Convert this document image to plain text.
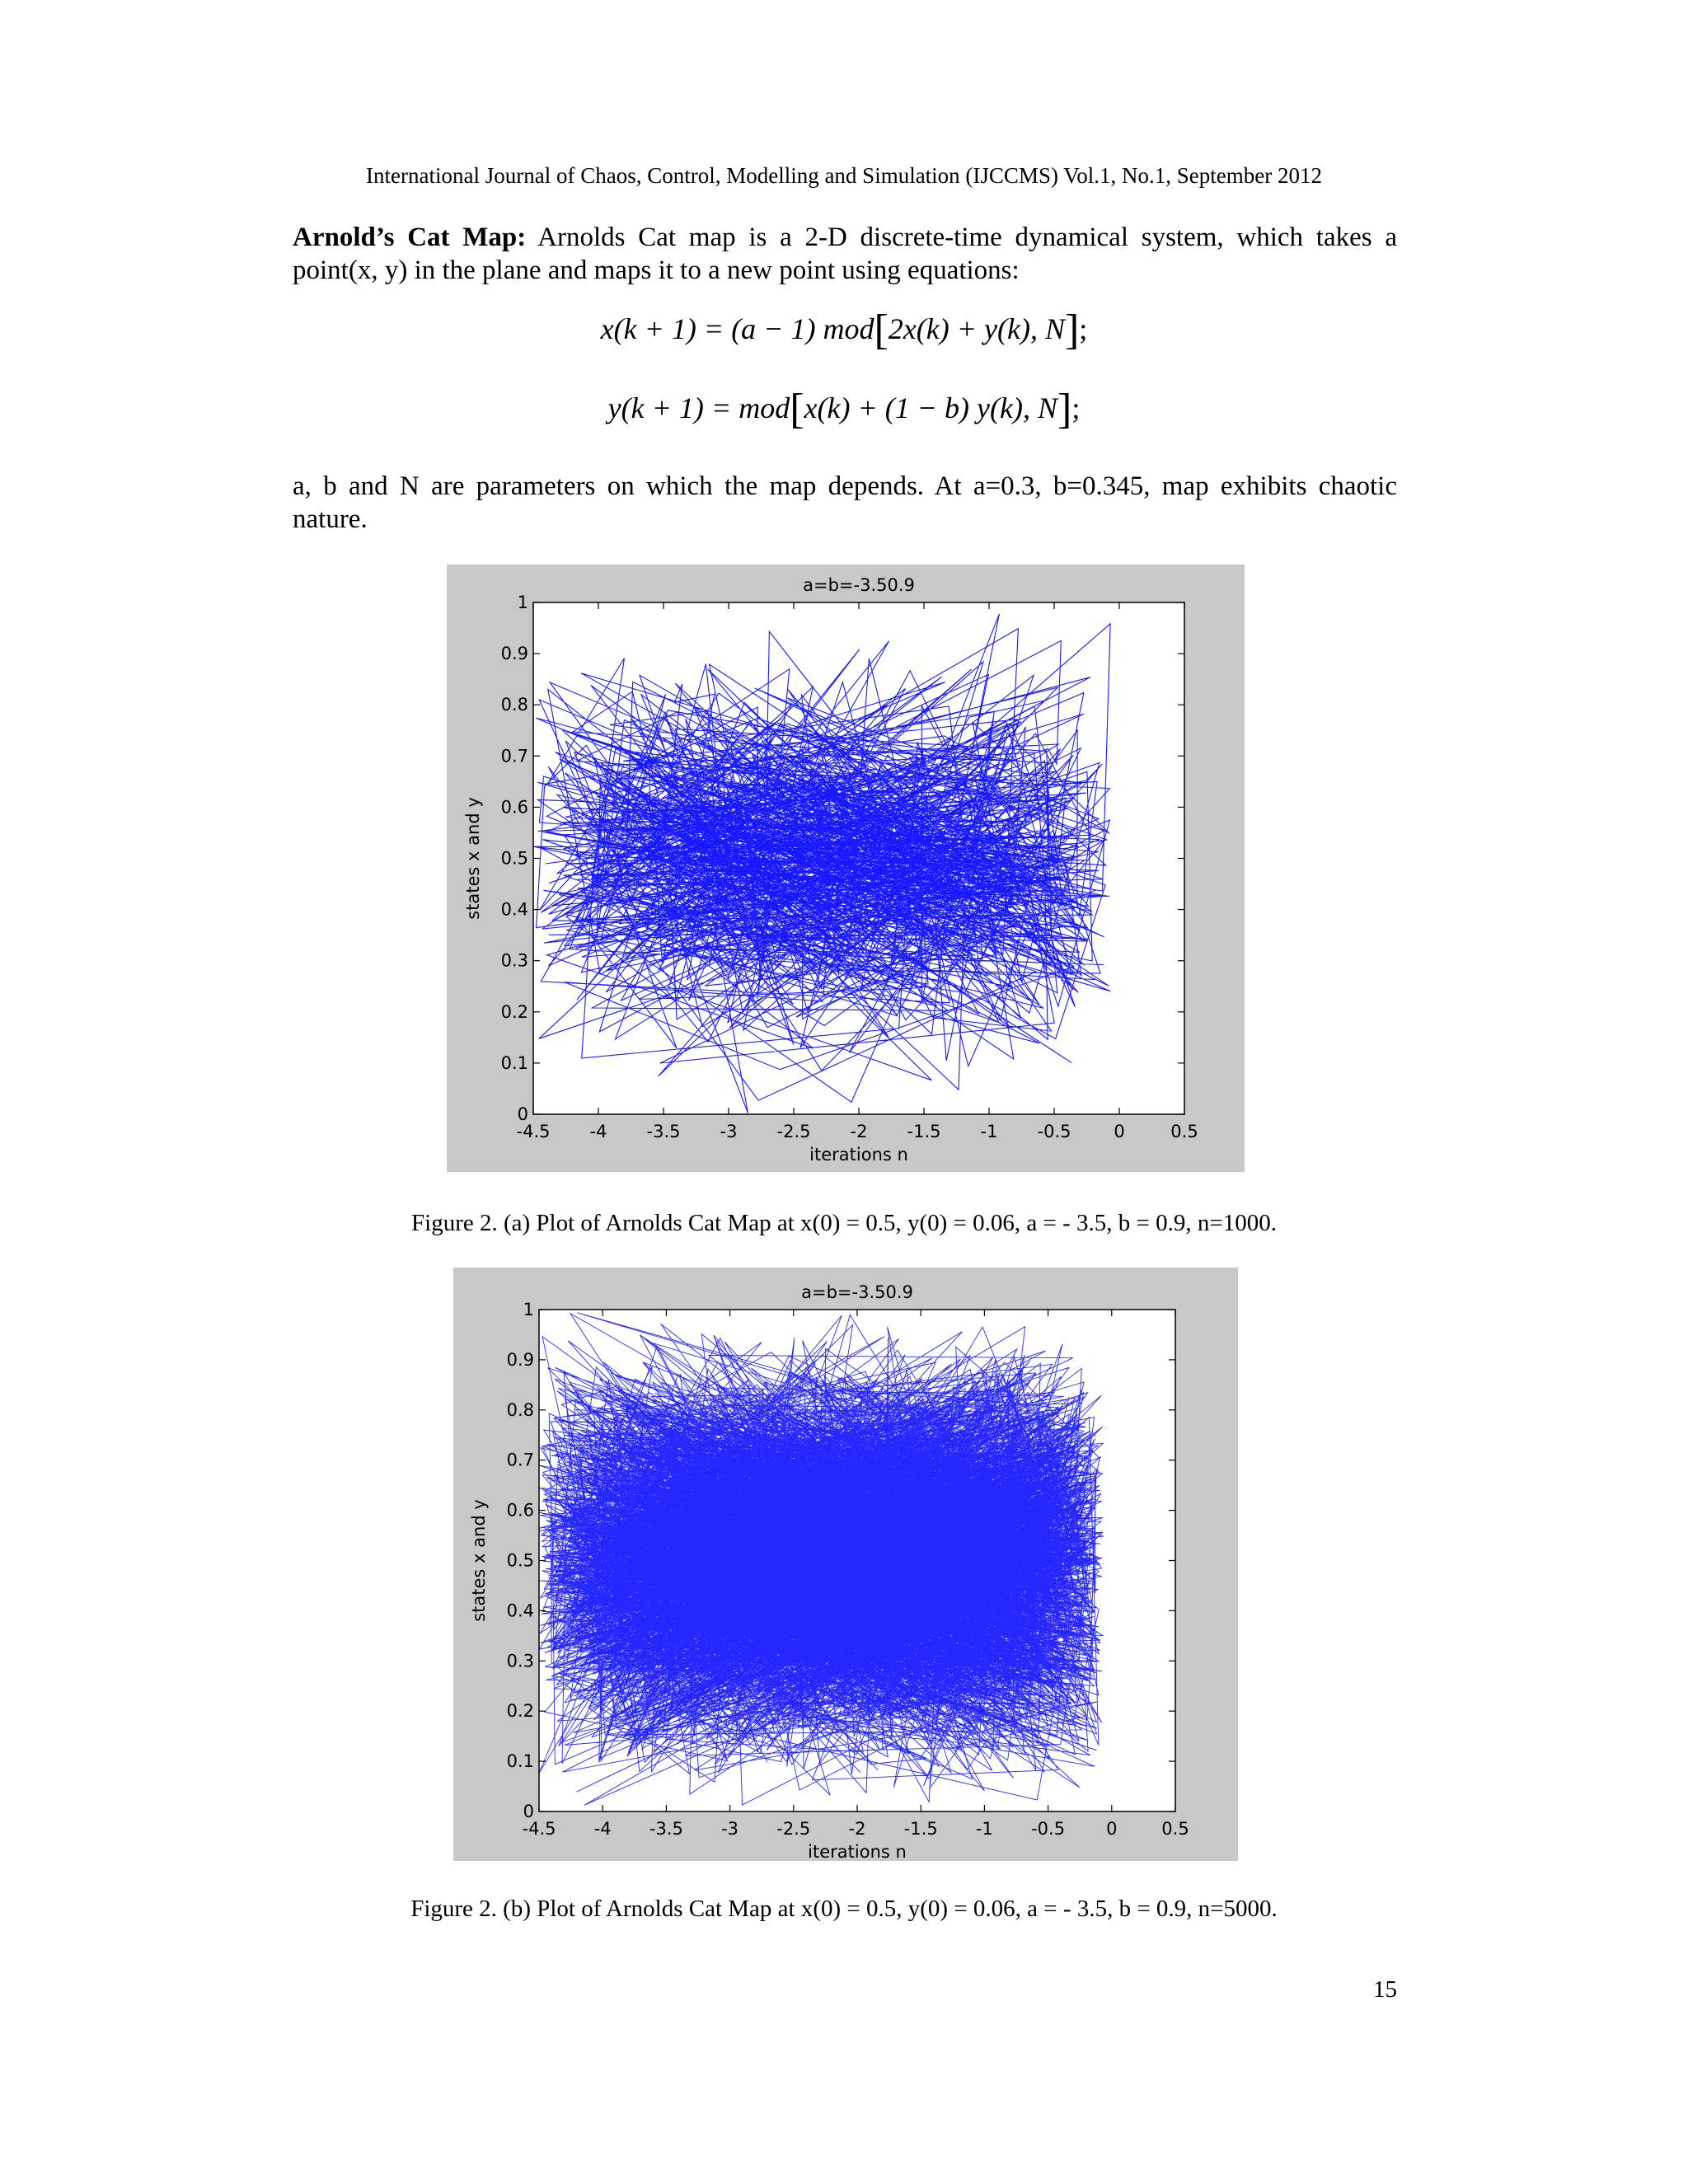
International Journal of Chaos, Control, Modelling and Simulation (IJCCMS) Vol.1, No.1, September 2012
Arnold’s Cat Map: Arnolds Cat map is a 2-D discrete-time dynamical system, which takes a point(x, y) in the plane and maps it to a new point using equations:
x(k + 1) = (a − 1) mod[2x(k) + y(k), N];
y(k + 1) = mod[x(k) + (1 − b) y(k), N];
a, b and N are parameters on which the map depends. At a=0.3, b=0.345, map exhibits chaotic nature.
-4.5 -4 -3.5 -3 -2.5 -2 -1.5 -1 -0.5 0	0.5
0
0.1
0.2
0.3
0.4
0.5
0.6
0.7
0.8
0.9
1
a=b=-3.50.9
iterations n
states x and y
Figure 2. (a) Plot of Arnolds Cat Map at x(0) = 0.5, y(0) = 0.06, a = - 3.5, b = 0.9, n=1000.
-4.5 -4 -3.5 -3 -2.5 -2 -1.5 -1 -0.5 0	0.5
0
0.1
0.2
0.3
0.4
0.5
0.6
0.7
0.8
0.9
1
a=b=-3.50.9
iterations n
states x and y
Figure 2. (b) Plot of Arnolds Cat Map at x(0) = 0.5, y(0) = 0.06, a = - 3.5, b = 0.9, n=5000.
15
